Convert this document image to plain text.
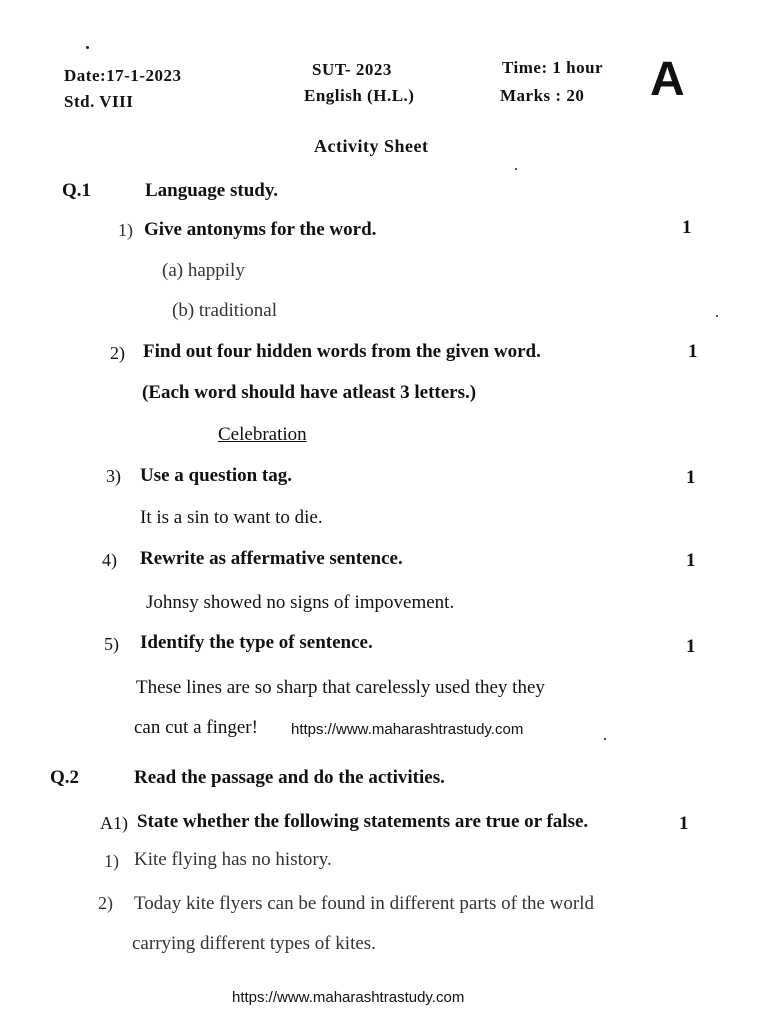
Date:17-1-2023
Std. VIII
SUT- 2023
English (H.L.)
Time: 1 hour
Marks : 20 A
Activity Sheet
Q.1	Language study.
1) Give antonyms for the word.	1
(a) happily
(b) traditional
2) Find out four hidden words from the given word.	1
(Each word should have atleast 3 letters.)
Celebration
3) Use a question tag.	1
It is a sin to want to die.
4) Rewrite as affermative sentence.	1
Johnsy showed no signs of impovement.
5) Identify the type of sentence.	1
These lines are so sharp that carelessly used they they
can cut a finger! https://www.maharashtrastudy.com
Q.2	Read the passage and do the activities.
A1) State whether the following statements are true or false.	1
1) Kite flying has no history.
2) Today kite flyers can be found in different parts of the world
carrying different types of kites.
https://www.maharashtrastudy.com
